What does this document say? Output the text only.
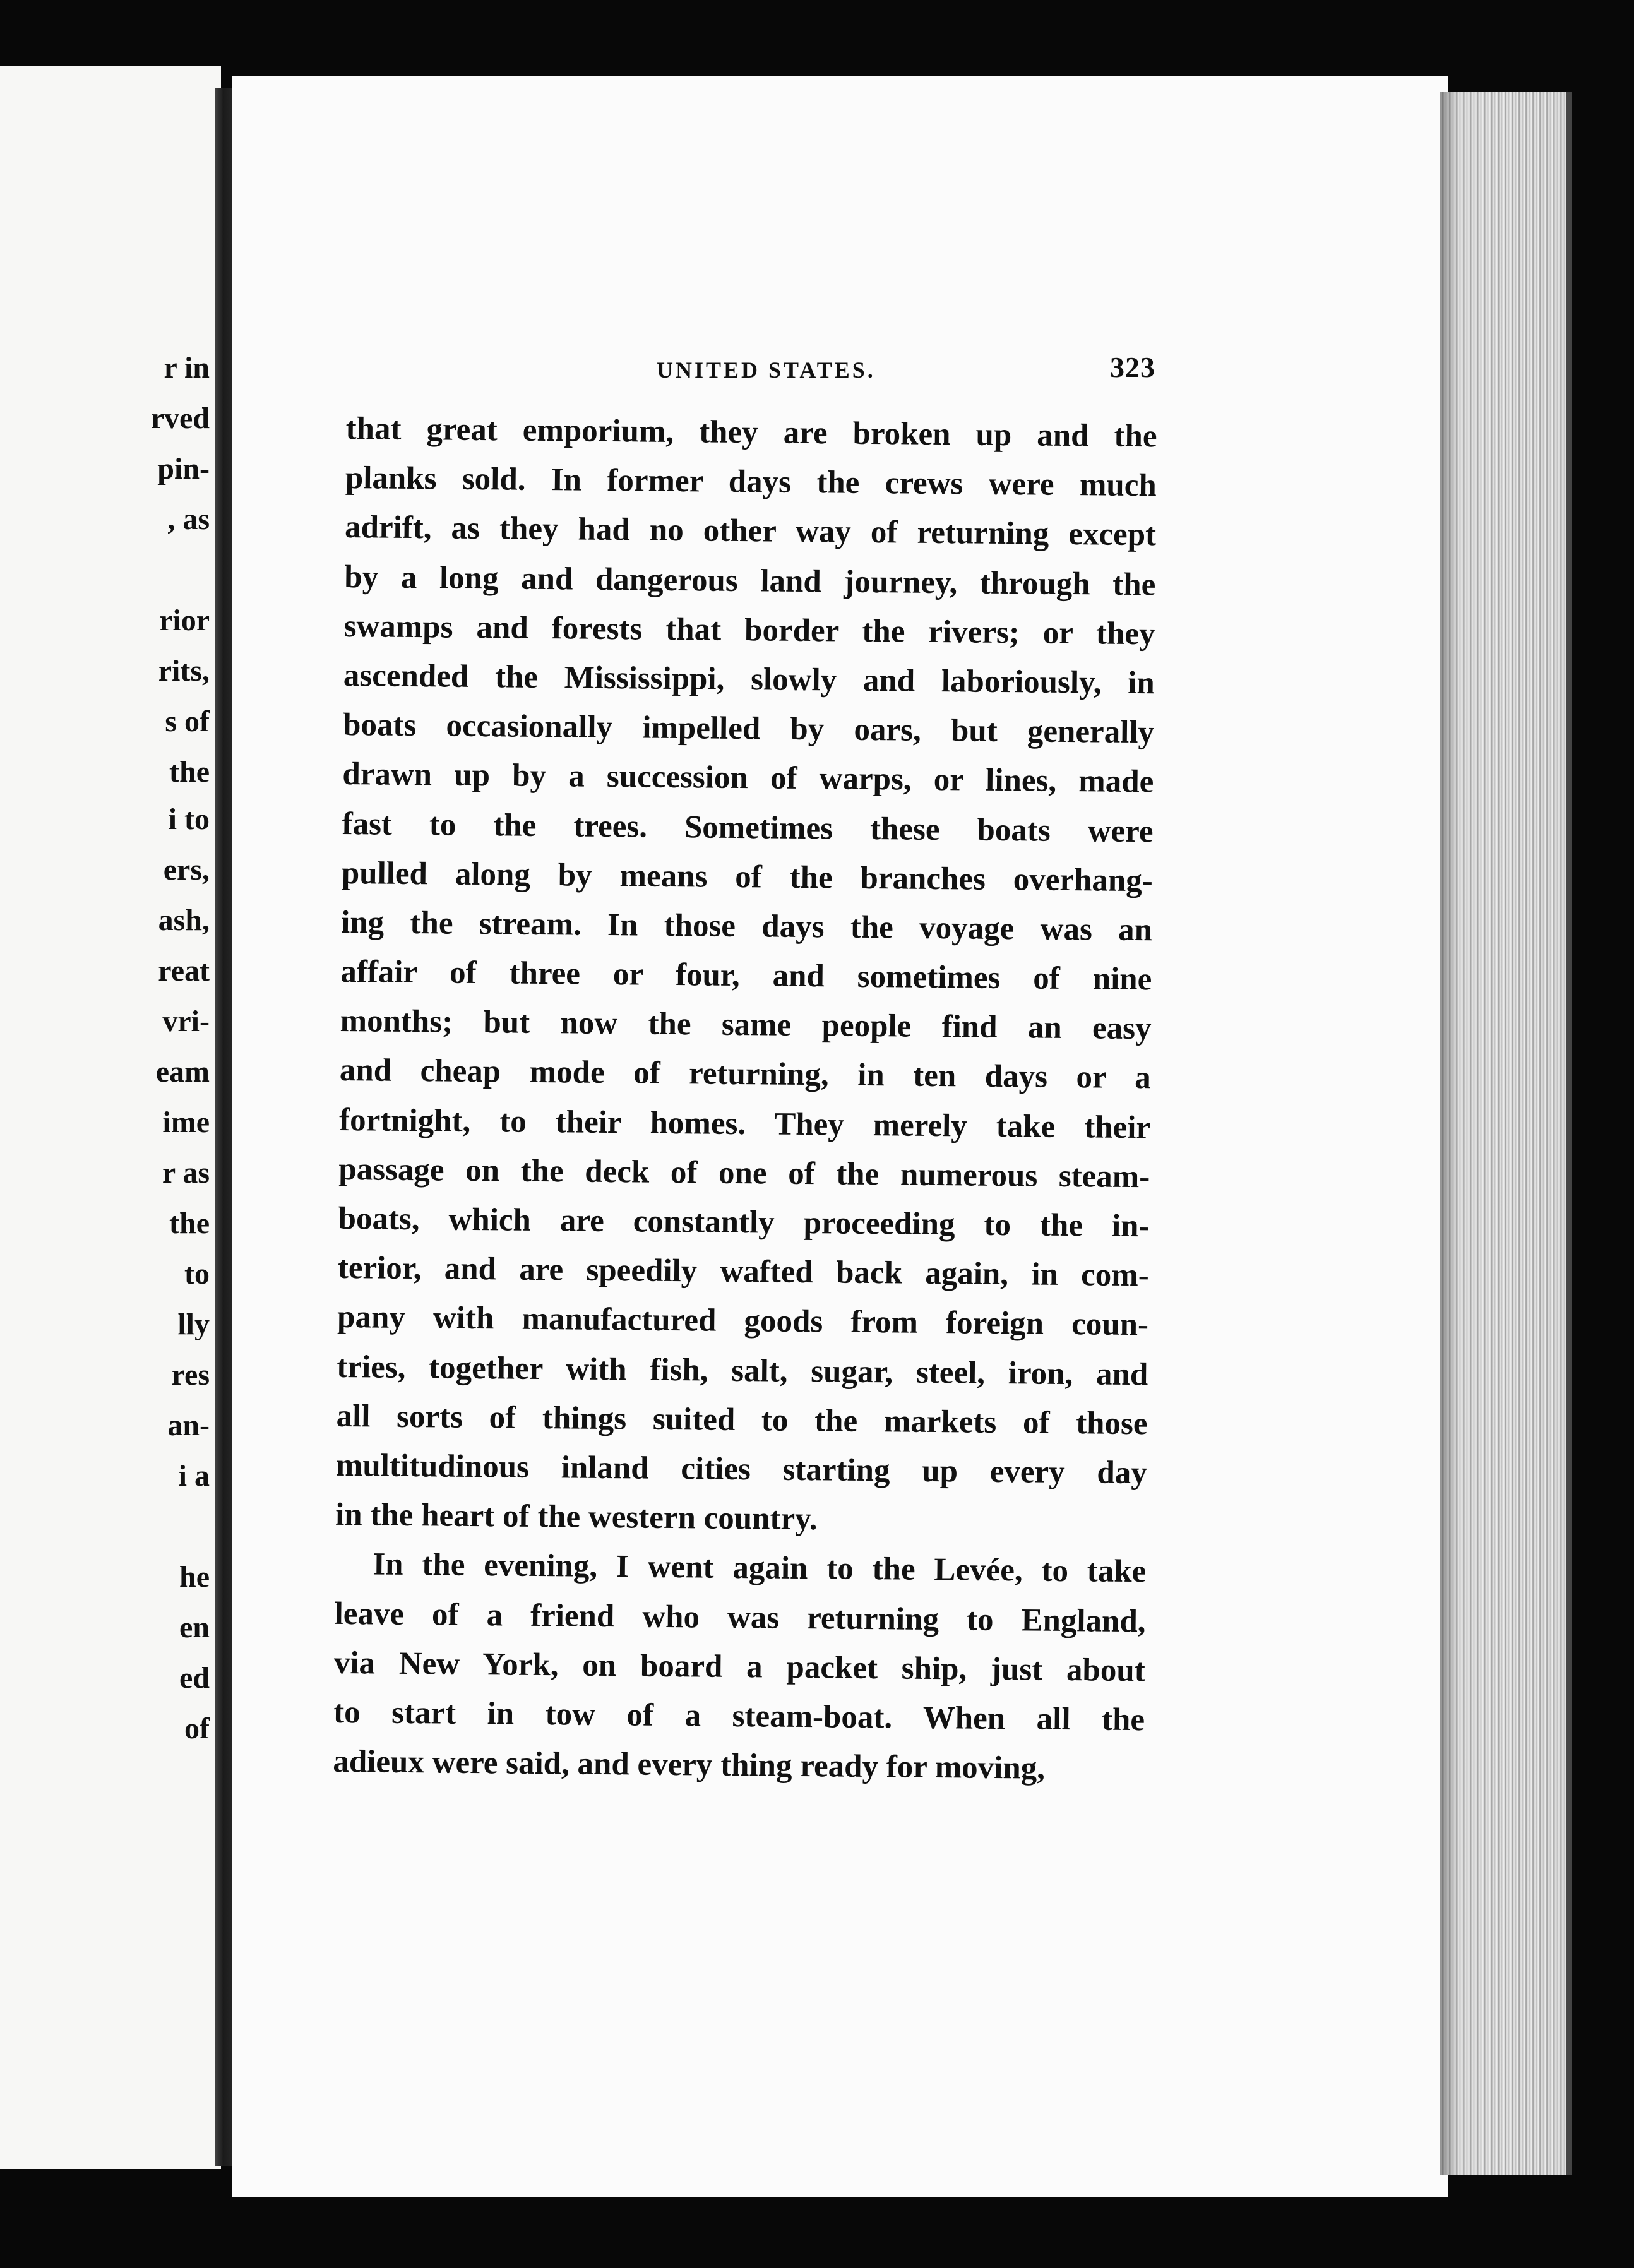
r in
rved
pin-
, as
rior
rits,
s of
the
i to
ers,
ash,
reat
vri-
eam
ime
r as
the
to
lly
res
an-
i a
he
en
ed
of
UNITED STATES.	323
that great emporium, they are broken up and the
planks sold. In former days the crews were much
adrift, as they had no other way of returning except
by a long and dangerous land journey, through the
swamps and forests that border the rivers; or they
ascended the Mississippi, slowly and laboriously, in
boats occasionally impelled by oars, but generally
drawn up by a succession of warps, or lines, made
fast to the trees. Sometimes these boats were
pulled along by means of the branches overhang-
ing the stream. In those days the voyage was an
affair of three or four, and sometimes of nine
months; but now the same people find an easy
and cheap mode of returning, in ten days or a
fortnight, to their homes. They merely take their
passage on the deck of one of the numerous steam-
boats, which are constantly proceeding to the in-
terior, and are speedily wafted back again, in com-
pany with manufactured goods from foreign coun-
tries, together with fish, salt, sugar, steel, iron, and
all sorts of things suited to the markets of those
multitudinous inland cities starting up every day
in the heart of the western country.
In the evening, I went again to the Levée, to take
leave of a friend who was returning to England,
via New York, on board a packet ship, just about
to start in tow of a steam-boat. When all the
adieux were said, and every thing ready for moving,
